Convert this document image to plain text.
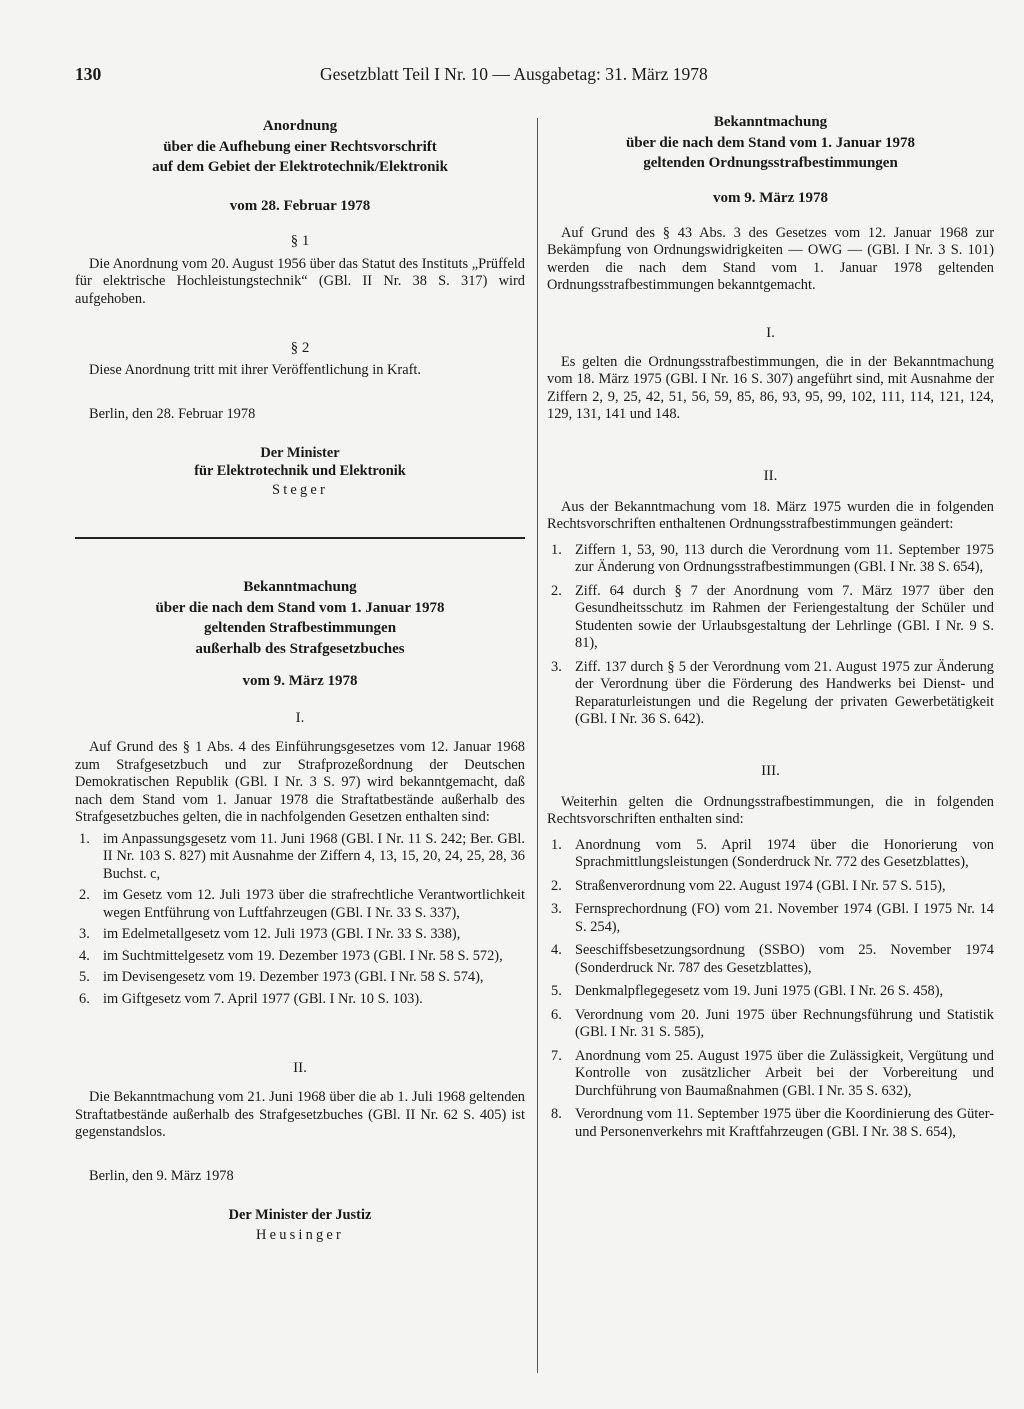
130	Gesetzblatt Teil I Nr. 10 — Ausgabetag: 31. März 1978
Anordnung
über die Aufhebung einer Rechtsvorschrift
auf dem Gebiet der Elektrotechnik/Elektronik
vom 28. Februar 1978
§ 1

Die Anordnung vom 20. August 1956 über das Statut des Instituts „Prüffeld für elektrische Hochleistungstechnik“ (GBl. II Nr. 38 S. 317) wird aufgehoben.

§ 2

Diese Anordnung tritt mit ihrer Veröffentlichung in Kraft.

Berlin, den 28. Februar 1978

Der Minister
für Elektrotechnik und Elektronik
Steger
Bekanntmachung
über die nach dem Stand vom 1. Januar 1978
geltenden Strafbestimmungen
außerhalb des Strafgesetzbuches
vom 9. März 1978
I.

Auf Grund des § 1 Abs. 4 des Einführungsgesetzes vom 12. Januar 1968 zum Strafgesetzbuch und zur Strafprozeßordnung der Deutschen Demokratischen Republik (GBl. I Nr. 3 S. 97) wird bekanntgemacht, daß nach dem Stand vom 1. Januar 1978 die Straftatbestände außerhalb des Strafgesetzbuches gelten, die in nachfolgenden Gesetzen enthalten sind:

1. im Anpassungsgesetz vom 11. Juni 1968 (GBl. I Nr. 11 S. 242; Ber. GBl. II Nr. 103 S. 827) mit Ausnahme der Ziffern 4, 13, 15, 20, 24, 25, 28, 36 Buchst. c,
2. im Gesetz vom 12. Juli 1973 über die strafrechtliche Verantwortlichkeit wegen Entführung von Luftfahrzeugen (GBl. I Nr. 33 S. 337),
3. im Edelmetallgesetz vom 12. Juli 1973 (GBl. I Nr. 33 S. 338),
4. im Suchtmittelgesetz vom 19. Dezember 1973 (GBl. I Nr. 58 S. 572),
5. im Devisengesetz vom 19. Dezember 1973 (GBl. I Nr. 58 S. 574),
6. im Giftgesetz vom 7. April 1977 (GBl. I Nr. 10 S. 103).
II.

Die Bekanntmachung vom 21. Juni 1968 über die ab 1. Juli 1968 geltenden Straftatbestände außerhalb des Strafgesetzbuches (GBl. II Nr. 62 S. 405) ist gegenstandslos.

Berlin, den 9. März 1978

Der Minister der Justiz
Heusinger
Bekanntmachung
über die nach dem Stand vom 1. Januar 1978
geltenden Ordnungsstrafbestimmungen
vom 9. März 1978

Auf Grund des § 43 Abs. 3 des Gesetzes vom 12. Januar 1968 zur Bekämpfung von Ordnungswidrigkeiten — OWG — (GBl. I Nr. 3 S. 101) werden die nach dem Stand vom 1. Januar 1978 geltenden Ordnungsstrafbestimmungen bekanntgemacht.

I.

Es gelten die Ordnungsstrafbestimmungen, die in der Bekanntmachung vom 18. März 1975 (GBl. I Nr. 16 S. 307) angeführt sind, mit Ausnahme der Ziffern 2, 9, 25, 42, 51, 56, 59, 85, 86, 93, 95, 99, 102, 111, 114, 121, 124, 129, 131, 141 und 148.

II.

Aus der Bekanntmachung vom 18. März 1975 wurden die in folgenden Rechtsvorschriften enthaltenen Ordnungsstrafbestimmungen geändert:

1. Ziffern 1, 53, 90, 113 durch die Verordnung vom 11. September 1975 zur Änderung von Ordnungsstrafbestimmungen (GBl. I Nr. 38 S. 654),
2. Ziff. 64 durch § 7 der Anordnung vom 7. März 1977 über den Gesundheitsschutz im Rahmen der Feriengestaltung der Schüler und Studenten sowie der Urlaubsgestaltung der Lehrlinge (GBl. I Nr. 9 S. 81),
3. Ziff. 137 durch § 5 der Verordnung vom 21. August 1975 zur Änderung der Verordnung über die Förderung des Handwerks bei Dienst- und Reparaturleistungen und die Regelung der privaten Gewerbetätigkeit (GBl. I Nr. 36 S. 642).
III.

Weiterhin gelten die Ordnungsstrafbestimmungen, die in folgenden Rechtsvorschriften enthalten sind:

1. Anordnung vom 5. April 1974 über die Honorierung von Sprachmittlungsleistungen (Sonderdruck Nr. 772 des Gesetzblattes),
2. Straßenverordnung vom 22. August 1974 (GBl. I Nr. 57 S. 515),
3. Fernsprechordnung (FO) vom 21. November 1974 (GBl. I 1975 Nr. 14 S. 254),
4. Seeschiffsbesetzungsordnung (SSBO) vom 25. November 1974 (Sonderdruck Nr. 787 des Gesetzblattes),
5. Denkmalpflegegesetz vom 19. Juni 1975 (GBl. I Nr. 26 S. 458),
6. Verordnung vom 20. Juni 1975 über Rechnungsführung und Statistik (GBl. I Nr. 31 S. 585),
7. Anordnung vom 25. August 1975 über die Zulässigkeit, Vergütung und Kontrolle von zusätzlicher Arbeit bei der Vorbereitung und Durchführung von Baumaßnahmen (GBl. I Nr. 35 S. 632),
8. Verordnung vom 11. September 1975 über die Koordinierung des Güter- und Personenverkehrs mit Kraftfahrzeugen (GBl. I Nr. 38 S. 654),
